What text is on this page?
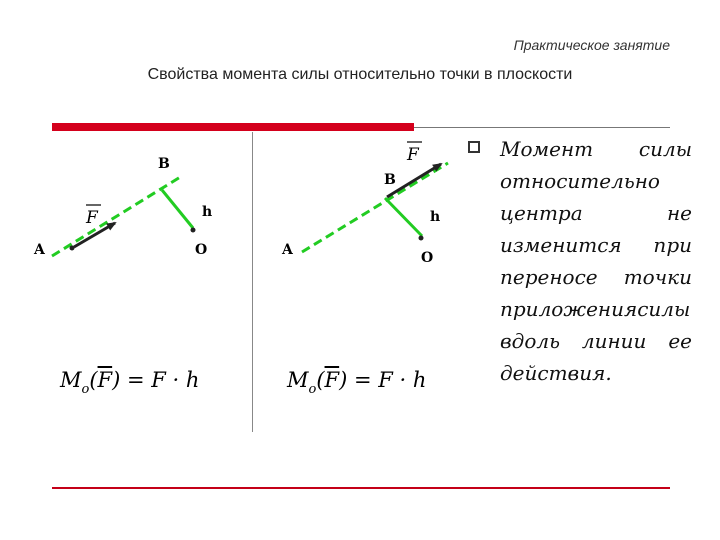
Практическое занятие
Свойства момента силы относительно точки в плоскости
A
B
O
h
F
A
B
O
h
F
$M_o(\overline{F}) = F \cdot h$	$M_o(\overline{F}) = F \cdot h$
Момент силы относительно центра не изменится при переносе точки приложениясилы вдоль линии ее действия.
